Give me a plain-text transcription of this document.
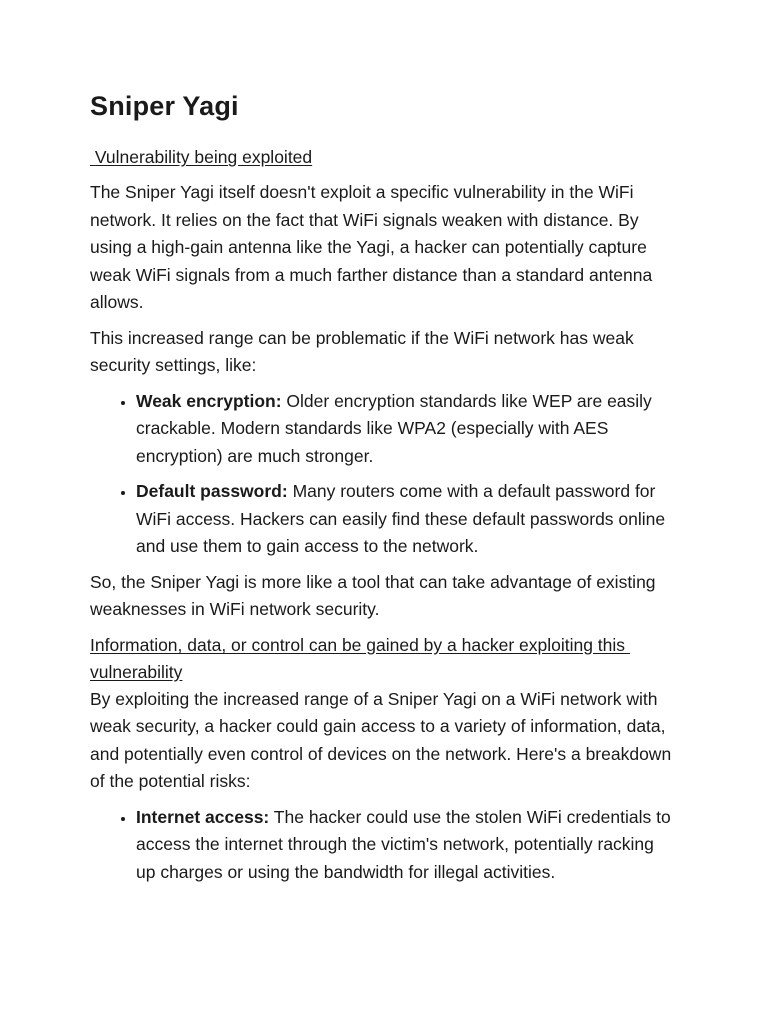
Sniper Yagi
Vulnerability being exploited

The Sniper Yagi itself doesn't exploit a specific vulnerability in the WiFi network. It relies on the fact that WiFi signals weaken with distance. By using a high-gain antenna like the Yagi, a hacker can potentially capture weak WiFi signals from a much farther distance than a standard antenna allows.

This increased range can be problematic if the WiFi network has weak security settings, like:

• Weak encryption: Older encryption standards like WEP are easily crackable. Modern standards like WPA2 (especially with AES encryption) are much stronger.
• Default password: Many routers come with a default password for WiFi access. Hackers can easily find these default passwords online and use them to gain access to the network.

So, the Sniper Yagi is more like a tool that can take advantage of existing weaknesses in WiFi network security.

Information, data, or control can be gained by a hacker exploiting this vulnerability

By exploiting the increased range of a Sniper Yagi on a WiFi network with weak security, a hacker could gain access to a variety of information, data, and potentially even control of devices on the network. Here's a breakdown of the potential risks:

• Internet access: The hacker could use the stolen WiFi credentials to access the internet through the victim's network, potentially racking up charges or using the bandwidth for illegal activities.
